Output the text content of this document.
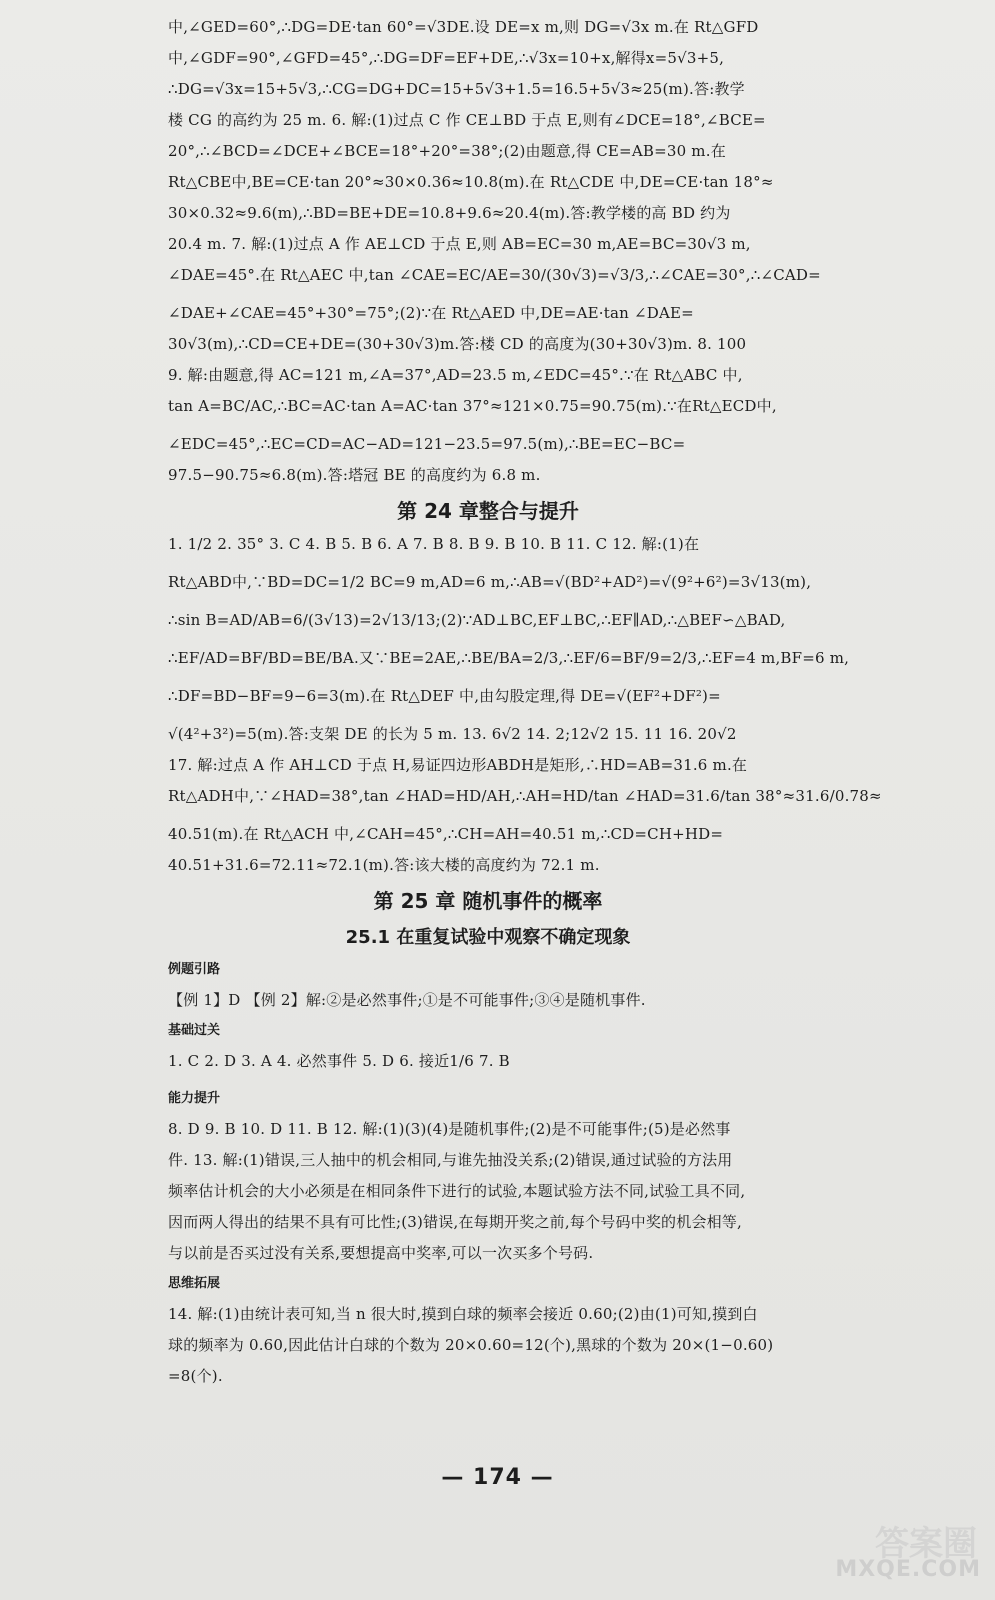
中,∠GED=60°,∴DG=DE·tan 60°=√3DE.设 DE=x m,则 DG=√3x m.在 Rt△GFD
中,∠GDF=90°,∠GFD=45°,∴DG=DF=EF+DE,∴√3x=10+x,解得x=5√3+5,
∴DG=√3x=15+5√3,∴CG=DG+DC=15+5√3+1.5=16.5+5√3≈25(m).答:教学
楼 CG 的高约为 25 m. 6. 解:(1)过点 C 作 CE⊥BD 于点 E,则有∠DCE=18°,∠BCE=
20°,∴∠BCD=∠DCE+∠BCE=18°+20°=38°;(2)由题意,得 CE=AB=30 m.在
Rt△CBE中,BE=CE·tan 20°≈30×0.36≈10.8(m).在 Rt△CDE 中,DE=CE·tan 18°≈
30×0.32≈9.6(m),∴BD=BE+DE=10.8+9.6≈20.4(m).答:教学楼的高 BD 约为
20.4 m. 7. 解:(1)过点 A 作 AE⊥CD 于点 E,则 AB=EC=30 m,AE=BC=30√3 m,
∠DAE=45°.在 Rt△AEC 中,tan ∠CAE=EC/AE=30/(30√3)=√3/3,∴∠CAE=30°,∴∠CAD=
∠DAE+∠CAE=45°+30°=75°;(2)∵在 Rt△AED 中,DE=AE·tan ∠DAE=
30√3(m),∴CD=CE+DE=(30+30√3)m.答:楼 CD 的高度为(30+30√3)m. 8. 100
9. 解:由题意,得 AC=121 m,∠A=37°,AD=23.5 m,∠EDC=45°.∵在 Rt△ABC 中,
tan A=BC/AC,∴BC=AC·tan A=AC·tan 37°≈121×0.75=90.75(m).∵在Rt△ECD中,
∠EDC=45°,∴EC=CD=AC−AD=121−23.5=97.5(m),∴BE=EC−BC=
97.5−90.75≈6.8(m).答:塔冠 BE 的高度约为 6.8 m.
第 24 章整合与提升
1. 1/2 2. 35° 3. C 4. B 5. B 6. A 7. B 8. B 9. B 10. B 11. C 12. 解:(1)在
Rt△ABD中,∵BD=DC=1/2 BC=9 m,AD=6 m,∴AB=√(BD²+AD²)=√(9²+6²)=3√13(m),
∴sin B=AD/AB=6/(3√13)=2√13/13;(2)∵AD⊥BC,EF⊥BC,∴EF∥AD,∴△BEF∽△BAD,
∴EF/AD=BF/BD=BE/BA.又∵BE=2AE,∴BE/BA=2/3,∴EF/6=BF/9=2/3,∴EF=4 m,BF=6 m,
∴DF=BD−BF=9−6=3(m).在 Rt△DEF 中,由勾股定理,得 DE=√(EF²+DF²)=
√(4²+3²)=5(m).答:支架 DE 的长为 5 m. 13. 6√2 14. 2;12√2 15. 11 16. 20√2
17. 解:过点 A 作 AH⊥CD 于点 H,易证四边形ABDH是矩形,∴HD=AB=31.6 m.在
Rt△ADH中,∵∠HAD=38°,tan ∠HAD=HD/AH,∴AH=HD/tan ∠HAD=31.6/tan 38°≈31.6/0.78≈
40.51(m).在 Rt△ACH 中,∠CAH=45°,∴CH=AH=40.51 m,∴CD=CH+HD=
40.51+31.6=72.11≈72.1(m).答:该大楼的高度约为 72.1 m.
第 25 章 随机事件的概率
25.1 在重复试验中观察不确定现象
例题引路
【例 1】D 【例 2】解:②是必然事件;①是不可能事件;③④是随机事件.
基础过关
1. C 2. D 3. A 4. 必然事件 5. D 6. 接近1/6 7. B
能力提升
8. D 9. B 10. D 11. B 12. 解:(1)(3)(4)是随机事件;(2)是不可能事件;(5)是必然事
件. 13. 解:(1)错误,三人抽中的机会相同,与谁先抽没关系;(2)错误,通过试验的方法用
频率估计机会的大小必须是在相同条件下进行的试验,本题试验方法不同,试验工具不同,
因而两人得出的结果不具有可比性;(3)错误,在每期开奖之前,每个号码中奖的机会相等,
与以前是否买过没有关系,要想提高中奖率,可以一次买多个号码.
思维拓展
14. 解:(1)由统计表可知,当 n 很大时,摸到白球的频率会接近 0.60;(2)由(1)可知,摸到白
球的频率为 0.60,因此估计白球的个数为 20×0.60=12(个),黑球的个数为 20×(1−0.60)
=8(个).
— 174 —
答案圈
MXQE.COM
